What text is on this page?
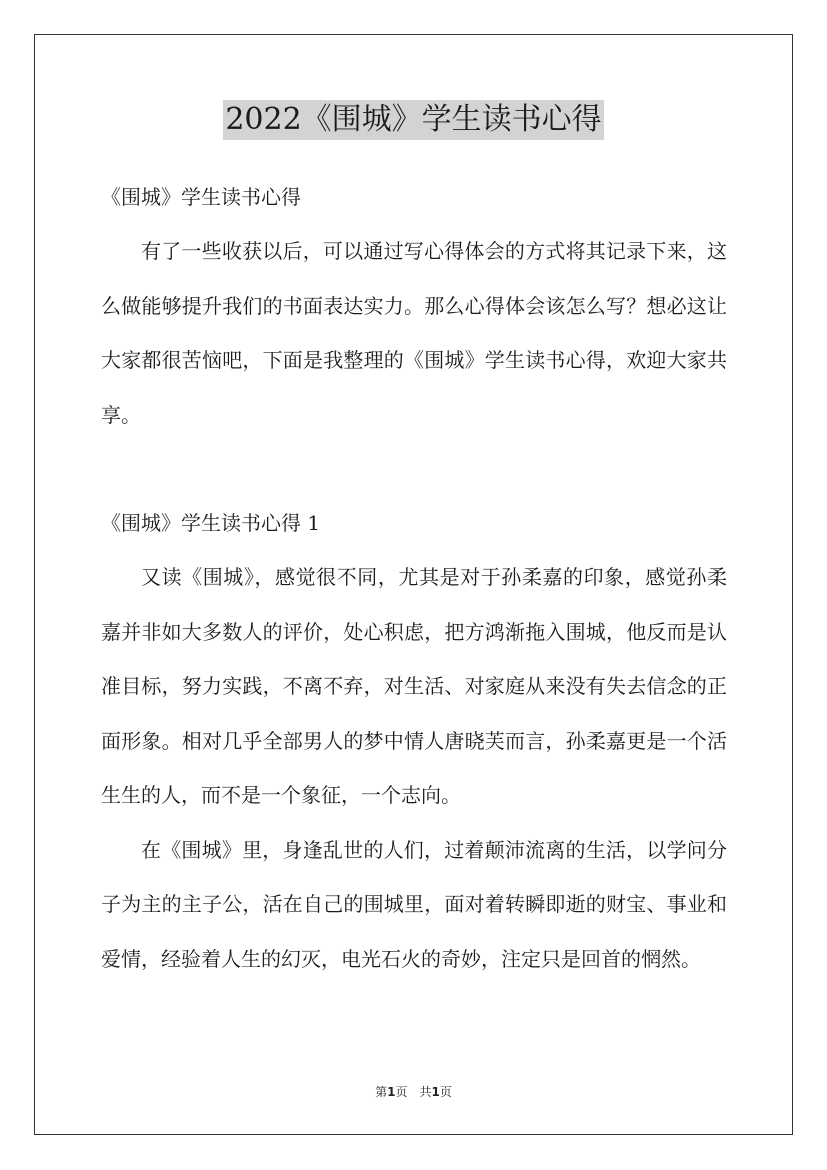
2022《围城》学生读书心得
《围城》学生读书心得
有了一些收获以后，可以通过写心得体会的方式将其记录下来，这么做能够提升我们的书面表达实力。那么心得体会该怎么写？想必这让大家都很苦恼吧，下面是我整理的《围城》学生读书心得，欢迎大家共享。
《围城》学生读书心得 1
又读《围城》，感觉很不同，尤其是对于孙柔嘉的印象，感觉孙柔嘉并非如大多数人的评价，处心积虑，把方鸿渐拖入围城，他反而是认准目标，努力实践，不离不弃，对生活、对家庭从来没有失去信念的正面形象。相对几乎全部男人的梦中情人唐晓芙而言，孙柔嘉更是一个活生生的人，而不是一个象征，一个志向。
在《围城》里，身逢乱世的人们，过着颠沛流离的生活，以学问分子为主的主子公，活在自己的围城里，面对着转瞬即逝的财宝、事业和爱情，经验着人生的幻灭，电光石火的奇妙，注定只是回首的惘然。
第1页　共1页
